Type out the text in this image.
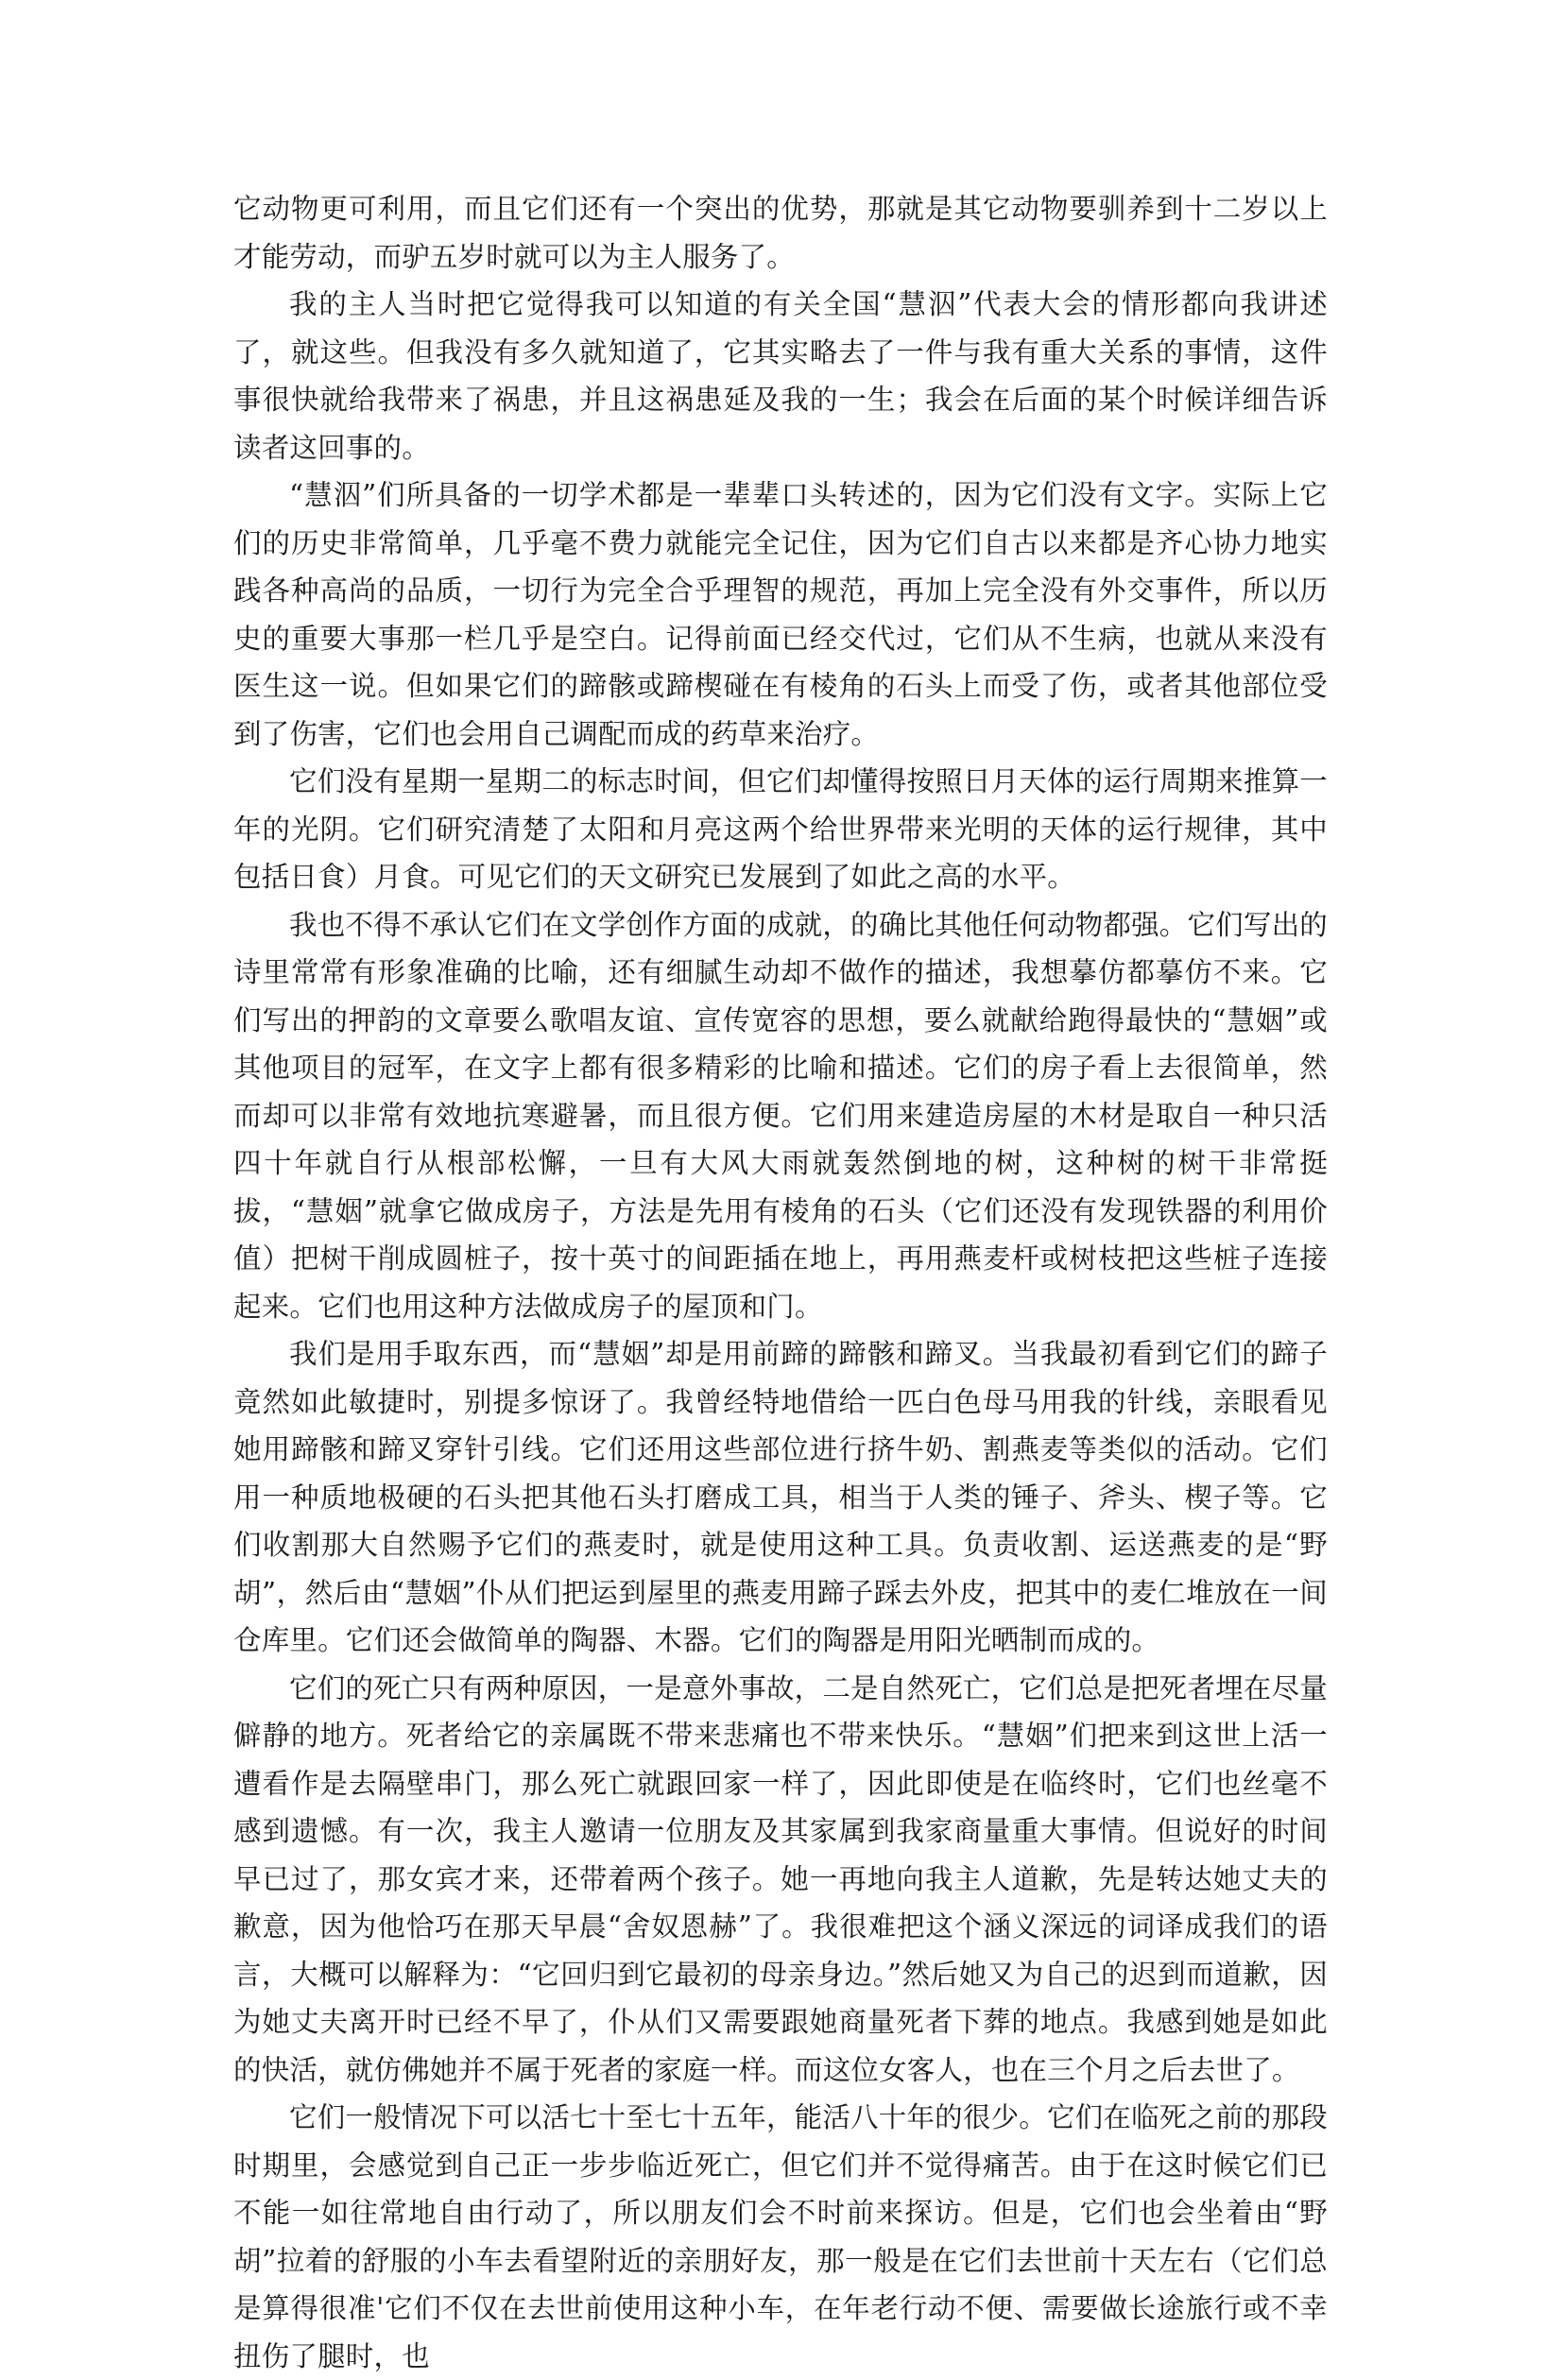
它动物更可利用，而且它们还有一个突出的优势，那就是其它动物要驯养到十二岁以上才能劳动，而驴五岁时就可以为主人服务了。

我的主人当时把它觉得我可以知道的有关全国“慧泅”代表大会的情形都向我讲述了，就这些。但我没有多久就知道了，它其实略去了一件与我有重大关系的事情，这件事很快就给我带来了祸患，并且这祸患延及我的一生；我会在后面的某个时候详细告诉读者这回事的。

“慧泅”们所具备的一切学术都是一辈辈口头转述的，因为它们没有文字。实际上它们的历史非常简单，几乎毫不费力就能完全记住，因为它们自古以来都是齐心协力地实践各种高尚的品质，一切行为完全合乎理智的规范，再加上完全没有外交事件，所以历史的重要大事那一栏几乎是空白。记得前面已经交代过，它们从不生病，也就从来没有医生这一说。但如果它们的蹄骸或蹄楔碰在有棱角的石头上而受了伤，或者其他部位受到了伤害，它们也会用自己调配而成的药草来治疗。

它们没有星期一星期二的标志时间，但它们却懂得按照日月天体的运行周期来推算一年的光阴。它们研究清楚了太阳和月亮这两个给世界带来光明的天体的运行规律，其中包括日食）月食。可见它们的天文研究已发展到了如此之高的水平。

我也不得不承认它们在文学创作方面的成就，的确比其他任何动物都强。它们写出的诗里常常有形象准确的比喻，还有细腻生动却不做作的描述，我想摹仿都摹仿不来。它们写出的押韵的文章要么歌唱友谊、宣传宽容的思想，要么就献给跑得最快的“慧姻”或其他项目的冠军，在文字上都有很多精彩的比喻和描述。它们的房子看上去很简单，然而却可以非常有效地抗寒避暑，而且很方便。它们用来建造房屋的木材是取自一种只活四十年就自行从根部松懈，一旦有大风大雨就轰然倒地的树，这种树的树干非常挺拔，“慧姻”就拿它做成房子，方法是先用有棱角的石头（它们还没有发现铁器的利用价值）把树干削成圆桩子，按十英寸的间距插在地上，再用燕麦杆或树枝把这些桩子连接起来。它们也用这种方法做成房子的屋顶和门。

我们是用手取东西，而“慧姻”却是用前蹄的蹄骸和蹄叉。当我最初看到它们的蹄子竟然如此敏捷时，别提多惊讶了。我曾经特地借给一匹白色母马用我的针线，亲眼看见她用蹄骸和蹄叉穿针引线。它们还用这些部位进行挤牛奶、割燕麦等类似的活动。它们用一种质地极硬的石头把其他石头打磨成工具，相当于人类的锤子、斧头、楔子等。它们收割那大自然赐予它们的燕麦时，就是使用这种工具。负责收割、运送燕麦的是“野胡”，然后由“慧姻”仆从们把运到屋里的燕麦用蹄子踩去外皮，把其中的麦仁堆放在一间仓库里。它们还会做简单的陶器、木器。它们的陶器是用阳光晒制而成的。

它们的死亡只有两种原因，一是意外事故，二是自然死亡，它们总是把死者埋在尽量僻静的地方。死者给它的亲属既不带来悲痛也不带来快乐。“慧姻”们把来到这世上活一遭看作是去隔壁串门，那么死亡就跟回家一样了，因此即使是在临终时，它们也丝毫不感到遗憾。有一次，我主人邀请一位朋友及其家属到我家商量重大事情。但说好的时间早已过了，那女宾才来，还带着两个孩子。她一再地向我主人道歉，先是转达她丈夫的歉意，因为他恰巧在那天早晨“舍奴恩赫”了。我很难把这个涵义深远的词译成我们的语言，大概可以解释为：“它回归到它最初的母亲身边。”然后她又为自己的迟到而道歉，因为她丈夫离开时已经不早了，仆从们又需要跟她商量死者下葬的地点。我感到她是如此的快活，就仿佛她并不属于死者的家庭一样。而这位女客人，也在三个月之后去世了。

它们一般情况下可以活七十至七十五年，能活八十年的很少。它们在临死之前的那段时期里，会感觉到自己正一步步临近死亡，但它们并不觉得痛苦。由于在这时候它们已不能一如往常地自由行动了，所以朋友们会不时前来探访。但是，它们也会坐着由“野胡”拉着的舒服的小车去看望附近的亲朋好友，那一般是在它们去世前十天左右（它们总是算得很准'它们不仅在去世前使用这种小车，在年老行动不便、需要做长途旅行或不幸扭伤了腿时，也
